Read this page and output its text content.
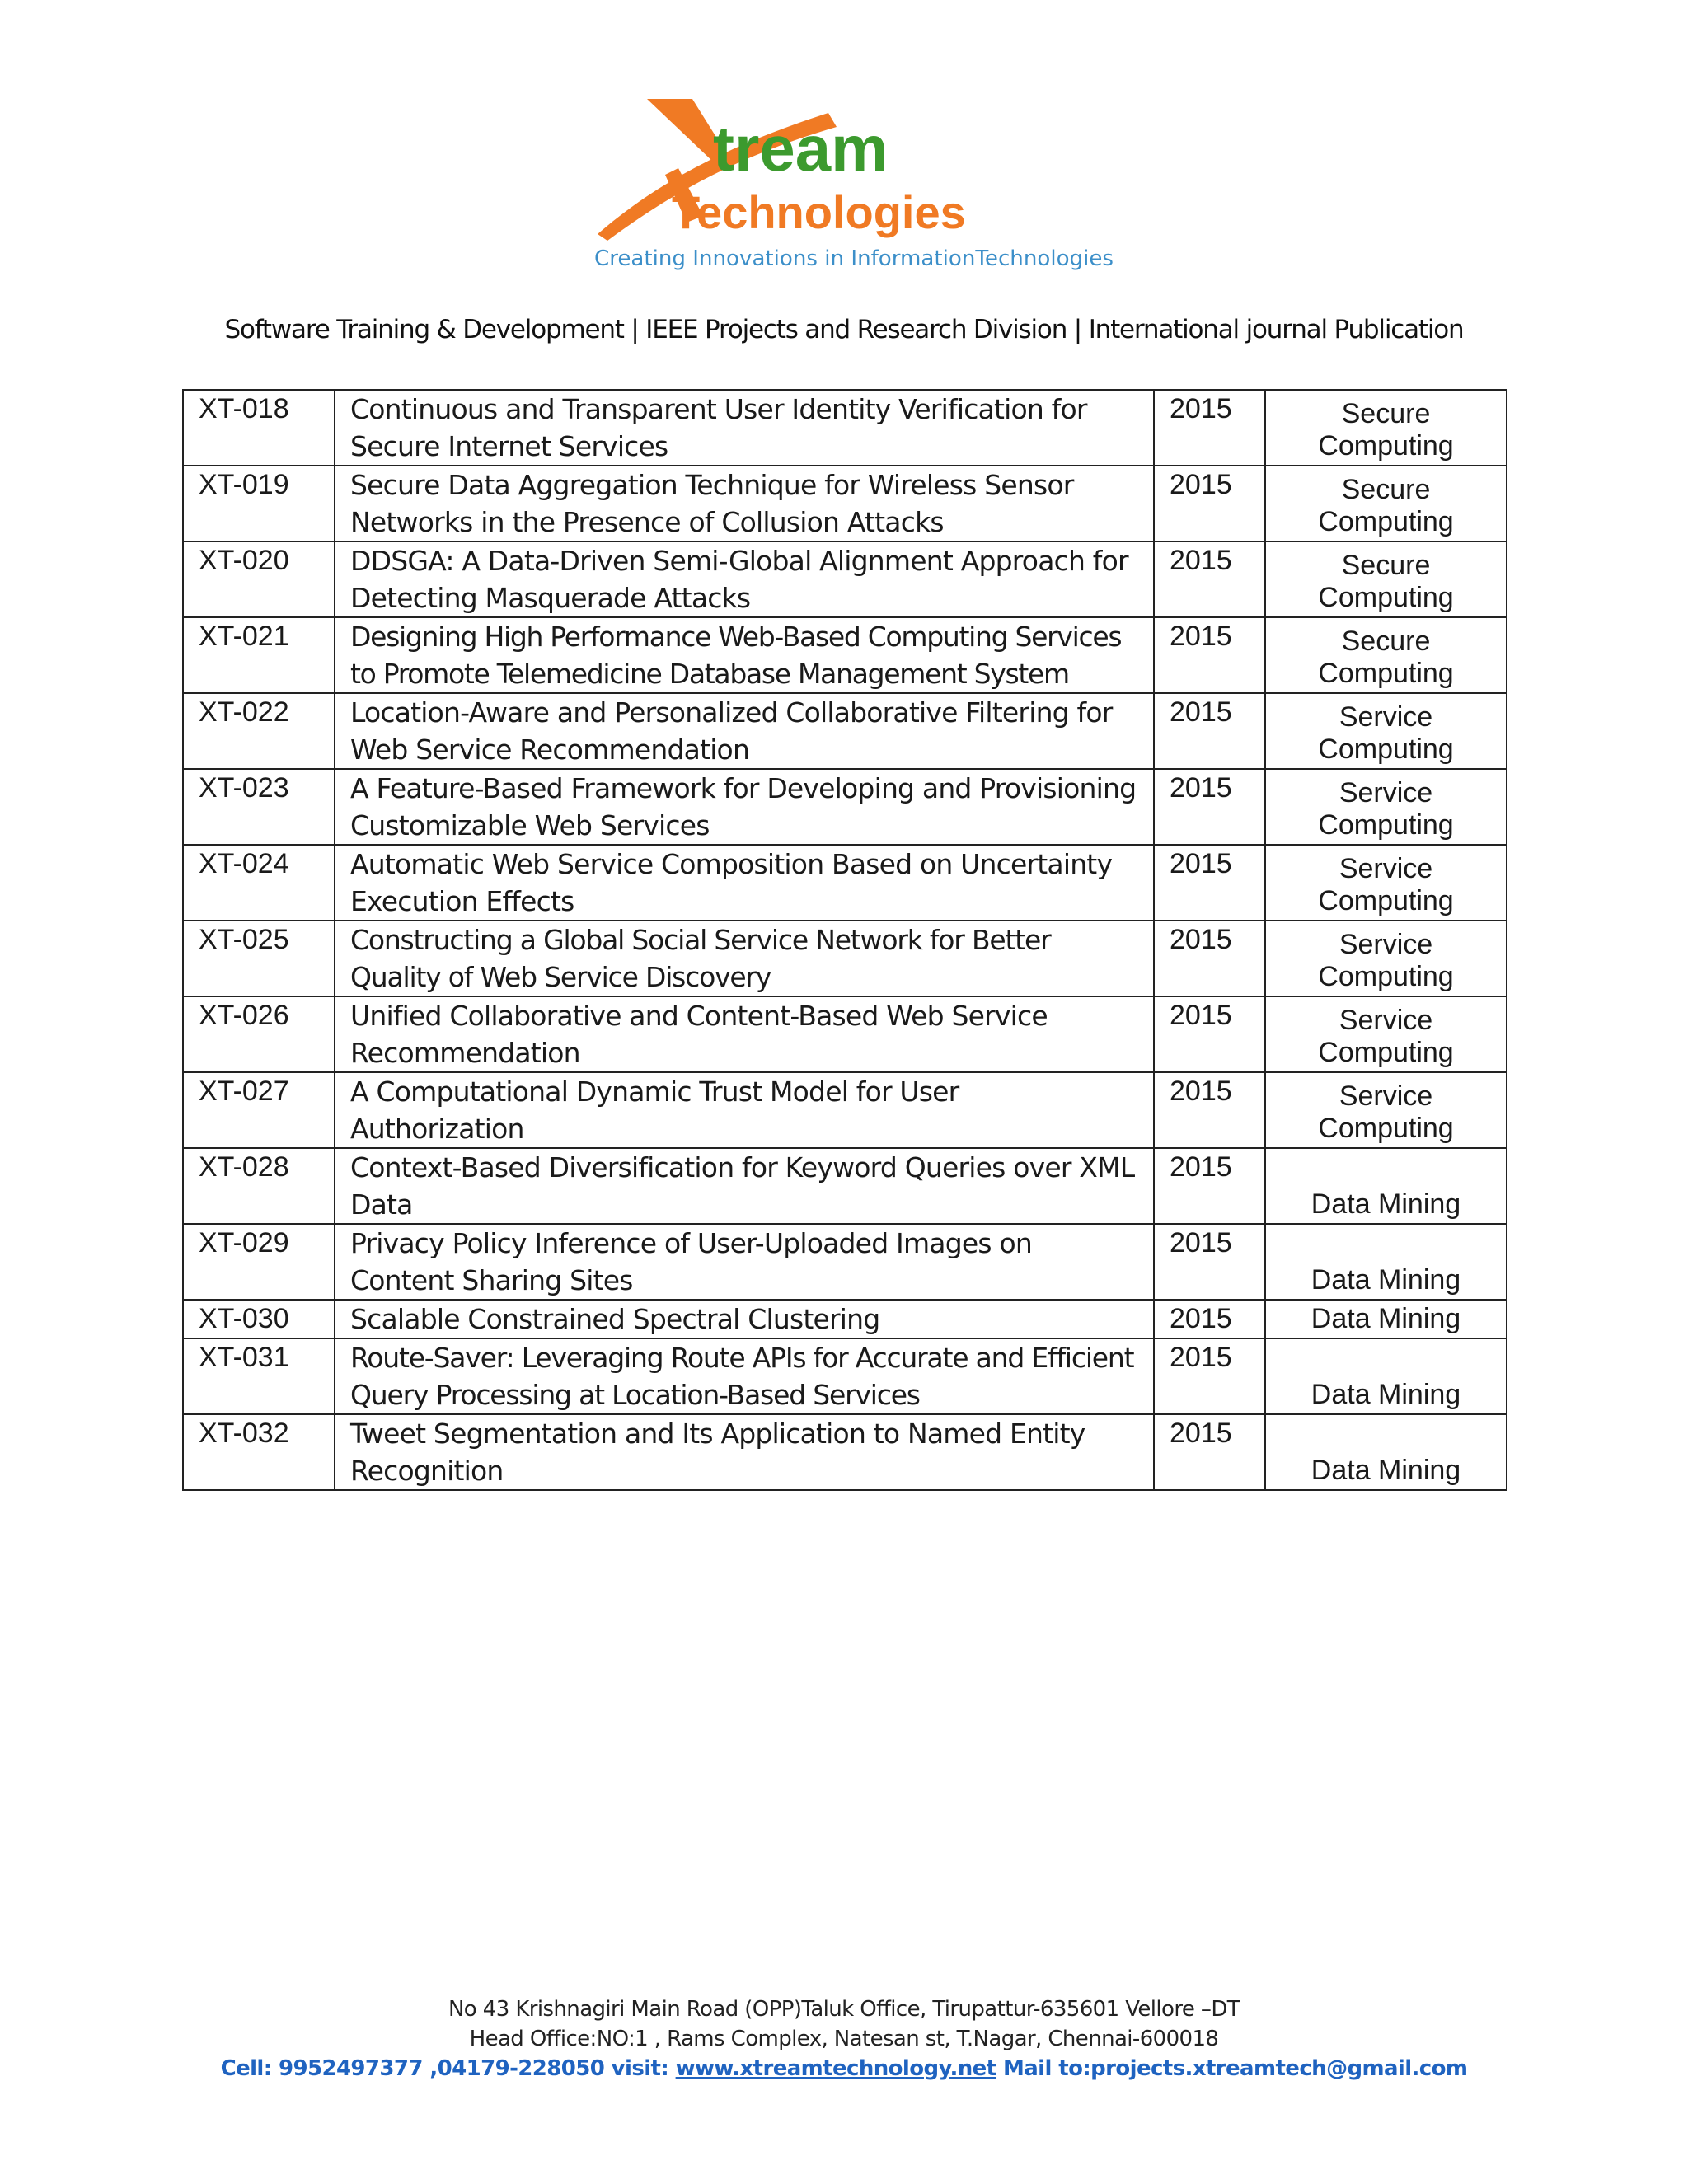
tream
Technologies
Creating Innovations in InformationTechnologies
Software Training & Development | IEEE Projects and Research Division | International journal Publication
XT-018	Continuous and Transparent User Identity Verification for Secure Internet Services	2015	Secure Computing
XT-019	Secure Data Aggregation Technique for Wireless Sensor Networks in the Presence of Collusion Attacks	2015	Secure Computing
XT-020	DDSGA: A Data-Driven Semi-Global Alignment Approach for Detecting Masquerade Attacks	2015	Secure Computing
XT-021	Designing High Performance Web-Based Computing Services to Promote Telemedicine Database Management System	2015	Secure Computing
XT-022	Location-Aware and Personalized Collaborative Filtering for Web Service Recommendation	2015	Service Computing
XT-023	A Feature-Based Framework for Developing and Provisioning Customizable Web Services	2015	Service Computing
XT-024	Automatic Web Service Composition Based on Uncertainty Execution Effects	2015	Service Computing
XT-025	Constructing a Global Social Service Network for Better Quality of Web Service Discovery	2015	Service Computing
XT-026	Unified Collaborative and Content-Based Web Service Recommendation	2015	Service Computing
XT-027	A Computational Dynamic Trust Model for User Authorization	2015	Service Computing
XT-028	Context-Based Diversification for Keyword Queries over XML Data	2015	Data Mining
XT-029	Privacy Policy Inference of User-Uploaded Images on Content Sharing Sites	2015	Data Mining
XT-030	Scalable Constrained Spectral Clustering	2015	Data Mining
XT-031	Route-Saver: Leveraging Route APIs for Accurate and Efficient Query Processing at Location-Based Services	2015	Data Mining
XT-032	Tweet Segmentation and Its Application to Named Entity Recognition	2015	Data Mining
No 43 Krishnagiri Main Road (OPP)Taluk Office, Tirupattur-635601 Vellore –DT
Head Office:NO:1 , Rams Complex, Natesan st, T.Nagar, Chennai-600018
Cell: 9952497377 ,04179-228050 visit: www.xtreamtechnology.net Mail to:projects.xtreamtech@gmail.com
